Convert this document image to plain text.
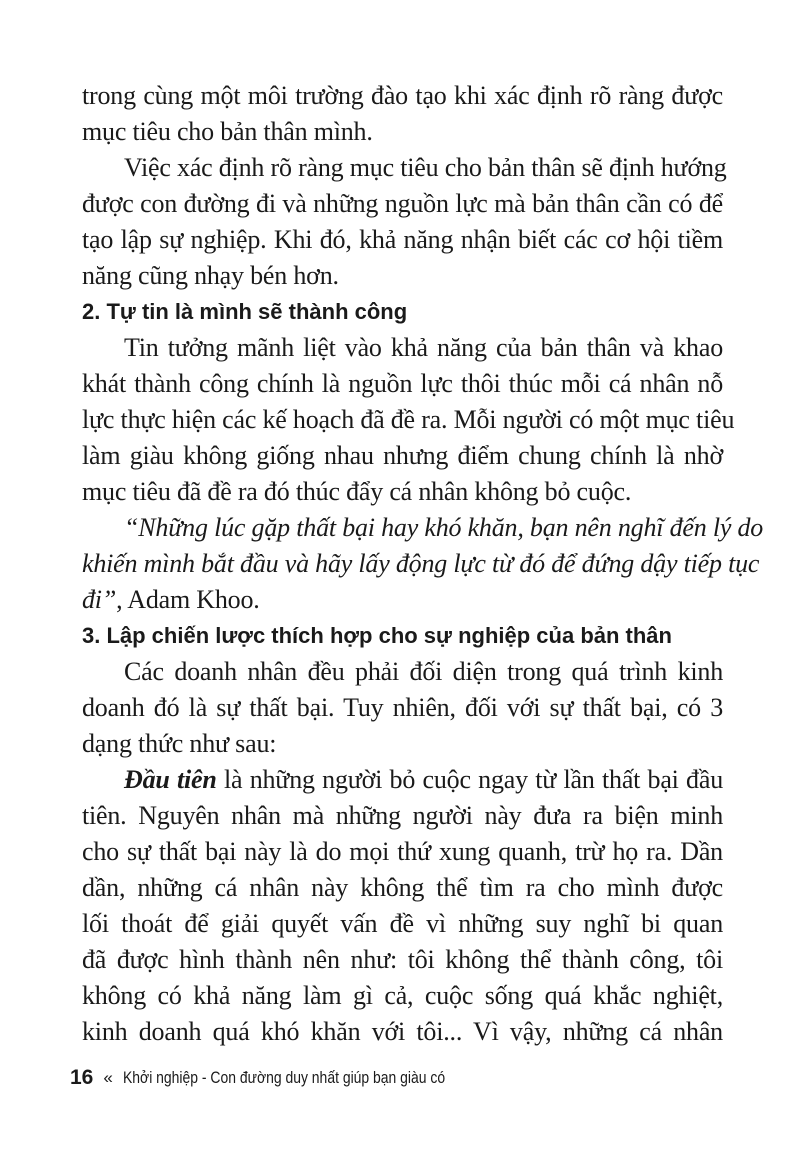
trong cùng một môi trường đào tạo khi xác định rõ ràng được
mục tiêu cho bản thân mình.
Việc xác định rõ ràng mục tiêu cho bản thân sẽ định hướng
được con đường đi và những nguồn lực mà bản thân cần có để
tạo lập sự nghiệp. Khi đó, khả năng nhận biết các cơ hội tiềm
năng cũng nhạy bén hơn.
2. Tự tin là mình sẽ thành công
Tin tưởng mãnh liệt vào khả năng của bản thân và khao
khát thành công chính là nguồn lực thôi thúc mỗi cá nhân nỗ
lực thực hiện các kế hoạch đã đề ra. Mỗi người có một mục tiêu
làm giàu không giống nhau nhưng điểm chung chính là nhờ
mục tiêu đã đề ra đó thúc đẩy cá nhân không bỏ cuộc.
“Những lúc gặp thất bại hay khó khăn, bạn nên nghĩ đến lý do
khiến mình bắt đầu và hãy lấy động lực từ đó để đứng dậy tiếp tục
đi”, Adam Khoo.
3. Lập chiến lược thích hợp cho sự nghiệp của bản thân
Các doanh nhân đều phải đối diện trong quá trình kinh
doanh đó là sự thất bại. Tuy nhiên, đối với sự thất bại, có 3
dạng thức như sau:
Đầu tiên là những người bỏ cuộc ngay từ lần thất bại đầu
tiên. Nguyên nhân mà những người này đưa ra biện minh
cho sự thất bại này là do mọi thứ xung quanh, trừ họ ra. Dần
dần, những cá nhân này không thể tìm ra cho mình được
lối thoát để giải quyết vấn đề vì những suy nghĩ bi quan
đã được hình thành nên như: tôi không thể thành công, tôi
không có khả năng làm gì cả, cuộc sống quá khắc nghiệt,
kinh doanh quá khó khăn với tôi... Vì vậy, những cá nhân
16 « Khởi nghiệp - Con đường duy nhất giúp bạn giàu có
